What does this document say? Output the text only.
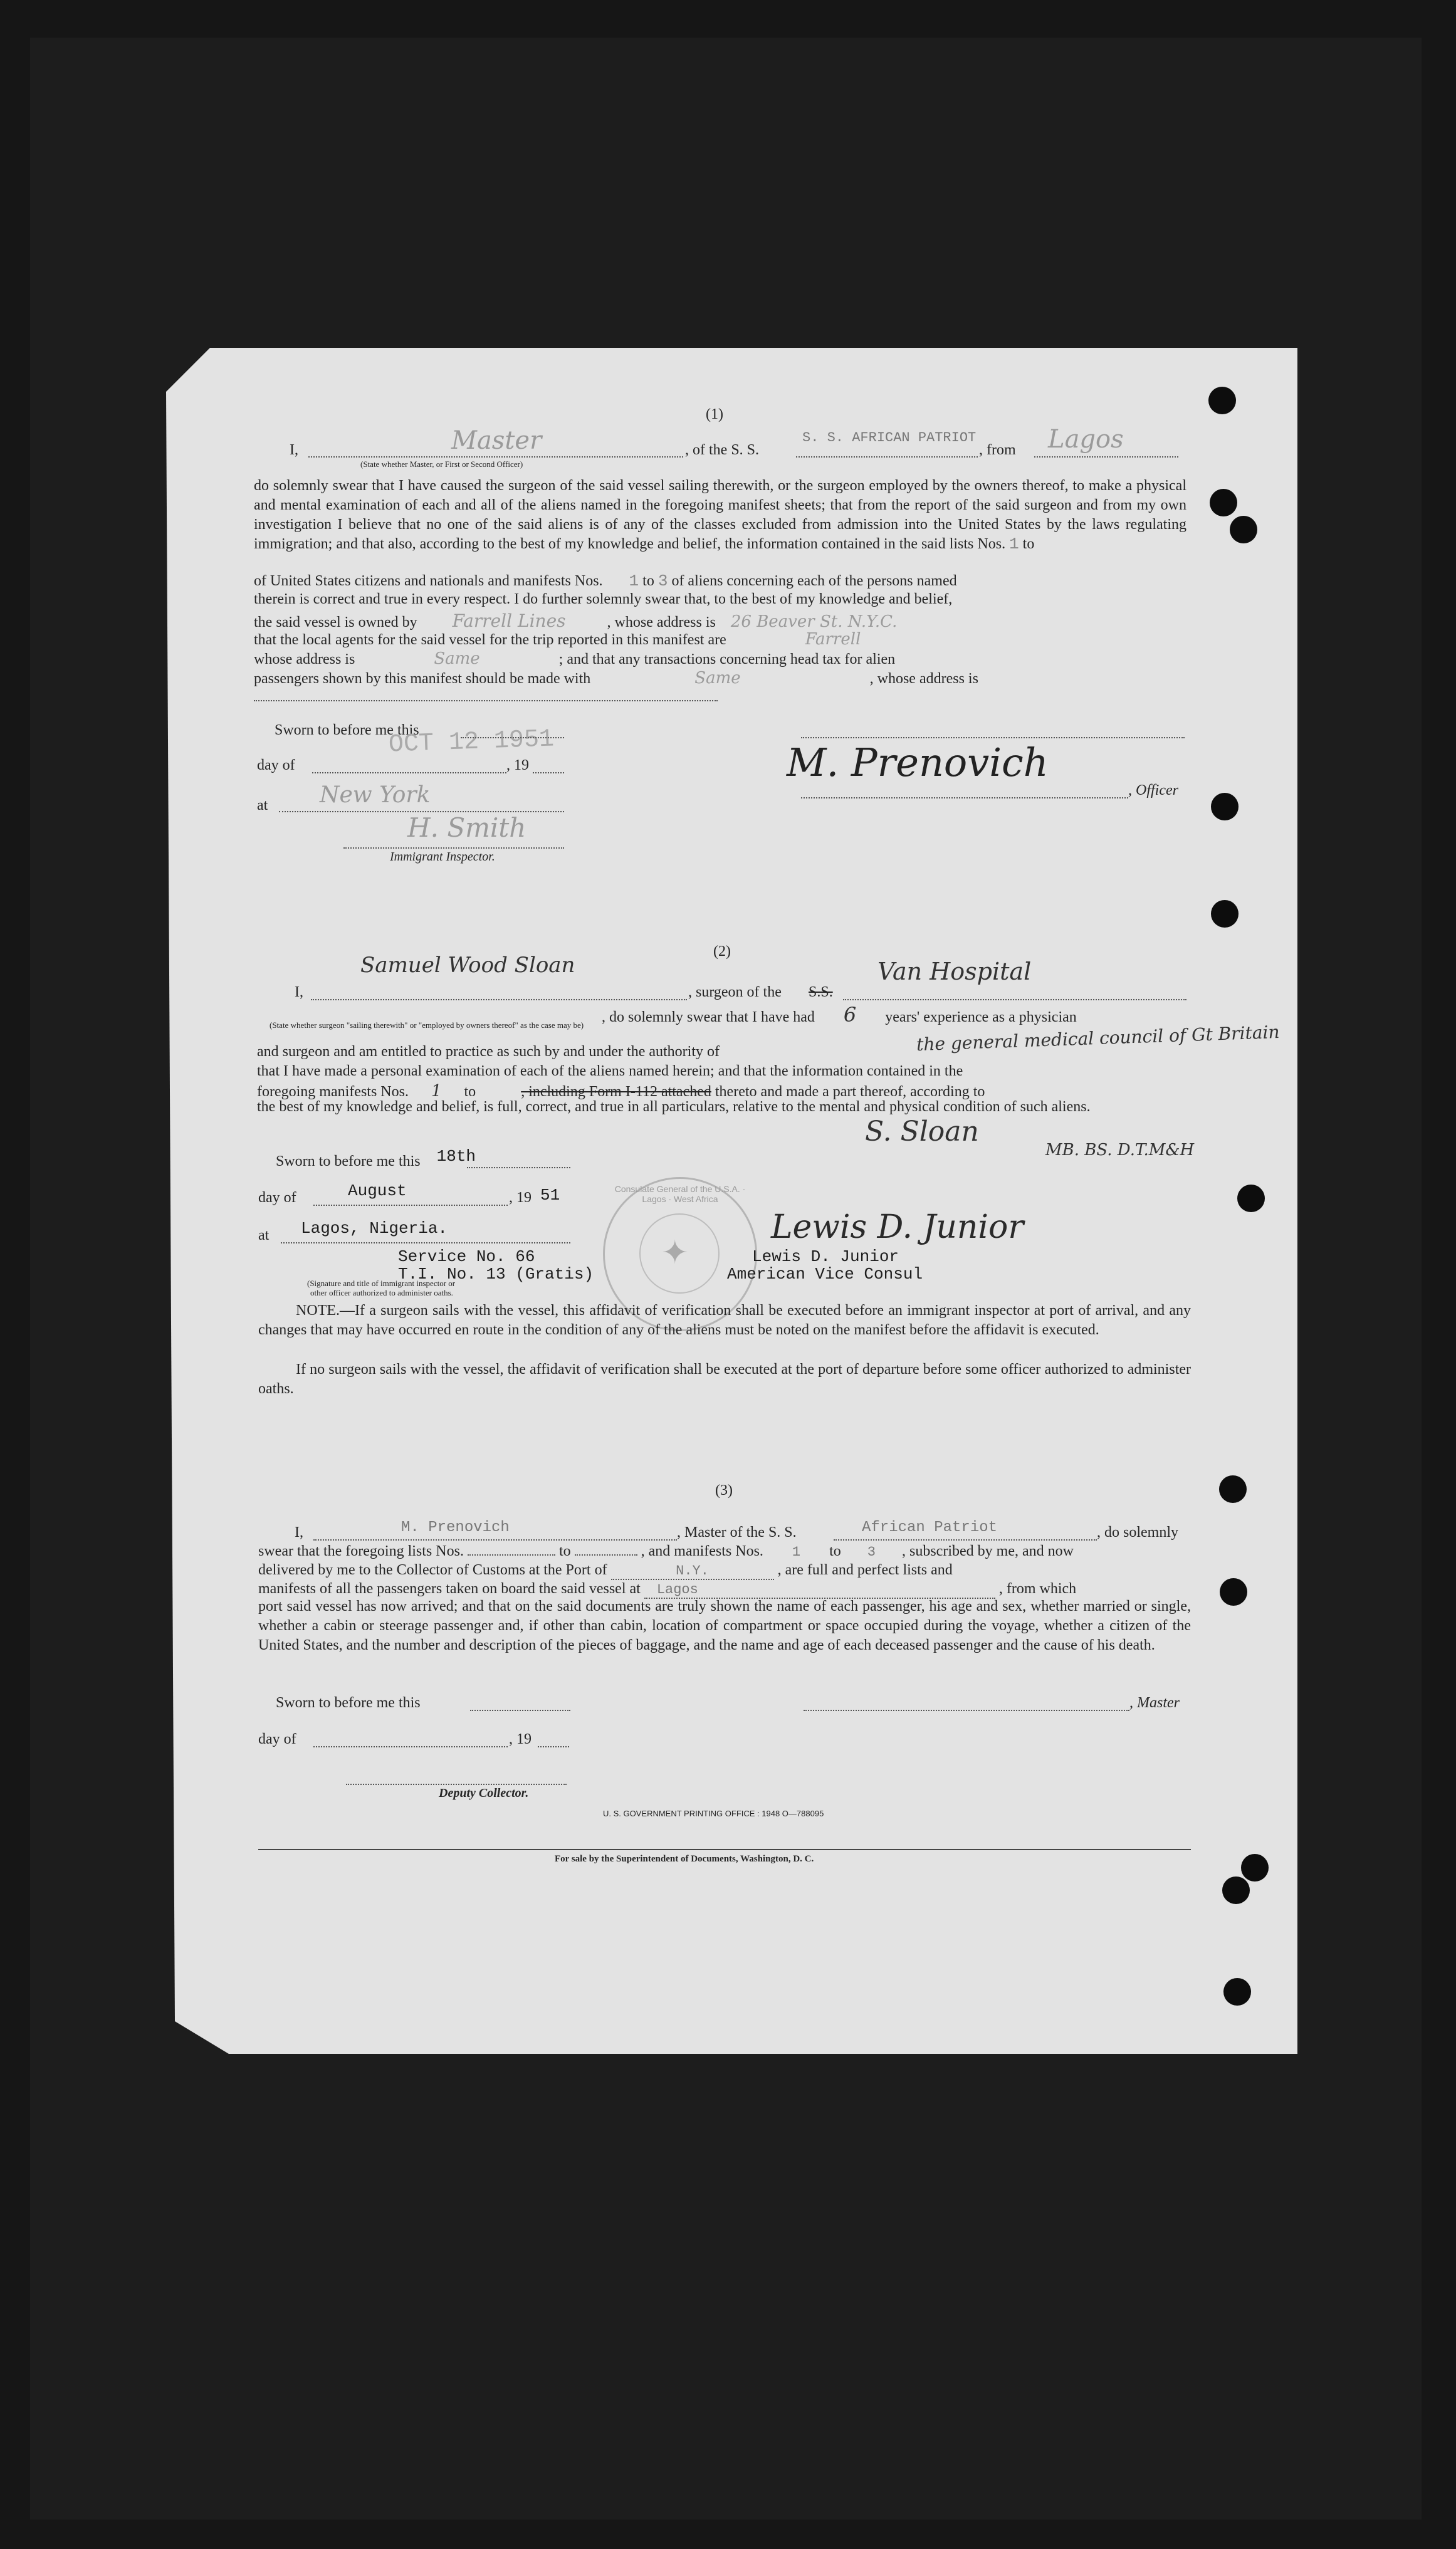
(1)
I,	Master	, of the S. S.
S. S. AFRICAN PATRIOT
, from Lagos
(State whether Master, or First or Second Officer)
do solemnly swear that I have caused the surgeon of the said vessel sailing therewith, or the surgeon employed by the owners thereof, to make a physical and mental examination of each and all of the aliens named in the foregoing manifest sheets; that from the report of the said surgeon and from my own investigation I believe that no one of the said aliens is of any of the classes excluded from admission into the United States by the laws regulating immigration; and that also, according to the best of my knowledge and belief, the information contained in the said lists Nos. 1 to
of United States citizens and nationals and manifests Nos. 1 to 3 of aliens concerning each of the persons named
therein is correct and true in every respect. I do further solemnly swear that, to the best of my knowledge and belief,
the said vessel is owned by Farrell Lines	, whose address is 26 Beaver St. N.Y.C.
that the local agents for the said vessel for the trip reported in this manifest are	Farrell
whose address is	Same	; and that any transactions concerning head tax for alien
passengers shown by this manifest should be made with	Same	, whose address is
Sworn to before me this
OCT 12 1951
day of	, 19
at New York
H. Smith
Immigrant Inspector.
M. Prenovich
, Officer
(2)
I,
Samuel Wood Sloan
, surgeon of the S.S.
Van Hospital
(State whether surgeon "sailing therewith" or "employed by owners thereof" as the case may be) , do solemnly swear that I have had 6 years' experience as a physician
and surgeon and am entitled to practice as such by and under the authority of	the general medical council of Gt Britain
that I have made a personal examination of each of the aliens named herein; and that the information contained in the
foregoing manifests Nos. 1 to	, including Form I-112 attached thereto and made a part thereof, according to
the best of my knowledge and belief, is full, correct, and true in all particulars, relative to the mental and physical condition of such aliens.
S. Sloan
MB. BS. D.T.M&H
Sworn to before me this 18th
day of	August	, 19 51
at Lagos, Nigeria.
✦
Consulate General of the U.S.A. · Lagos · West Africa
Lewis D. Junior
Service No. 66	Lewis D. Junior
T.I. No. 13 (Gratis)	American Vice Consul
(Signature and title of immigrant inspector or
other officer authorized to administer oaths.
NOTE.—If a surgeon sails with the vessel, this affidavit of verification shall be executed before an immigrant inspector at port of arrival, and any changes that may have occurred en route in the condition of any of the aliens must be noted on the manifest before the affidavit is executed.
If no surgeon sails with the vessel, the affidavit of verification shall be executed at the port of departure before some officer authorized to administer oaths.
(3)
I,	M. Prenovich	, Master of the S. S.	African Patriot	, do solemnly
swear that the foregoing lists Nos.	to	, and manifests Nos. 1 to 3 , subscribed by me, and now
delivered by me to the Collector of Customs at the Port of	N.Y.	, are full and perfect lists and
manifests of all the passengers taken on board the said vessel at Lagos	, from which
port said vessel has now arrived; and that on the said documents are truly shown the name of each passenger, his age and sex, whether married or single, whether a cabin or steerage passenger and, if other than cabin, location of compartment or space occupied during the voyage, whether a citizen of the United States, and the number and description of the pieces of baggage, and the name and age of each deceased passenger and the cause of his death.
Sworn to before me this	, Master
day of	, 19
Deputy Collector.
U. S. GOVERNMENT PRINTING OFFICE : 1948 O—788095
For sale by the Superintendent of Documents, Washington, D. C.
